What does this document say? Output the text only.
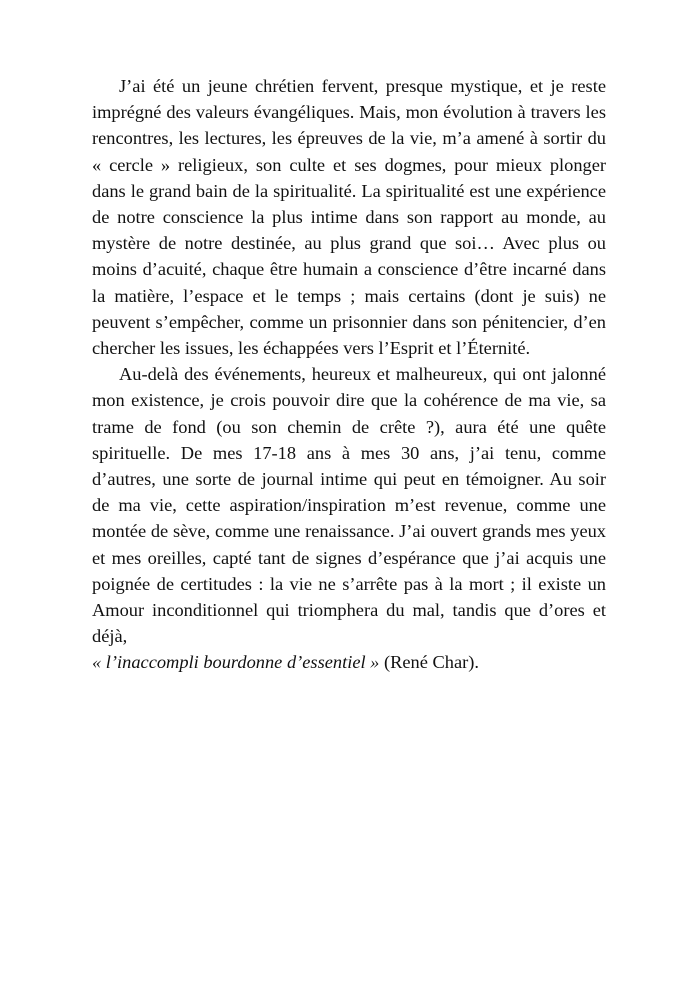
J’ai été un jeune chrétien fervent, presque mystique, et je reste imprégné des valeurs évangéliques. Mais, mon évolution à travers les rencontres, les lectures, les épreuves de la vie, m’a amené à sortir du « cercle » religieux, son culte et ses dogmes, pour mieux plonger dans le grand bain de la spiritualité. La spiritualité est une expérience de notre conscience la plus intime dans son rapport au monde, au mystère de notre destinée, au plus grand que soi… Avec plus ou moins d’acuité, chaque être humain a conscience d’être incarné dans la matière, l’espace et le temps ; mais certains (dont je suis) ne peuvent s’empêcher, comme un prisonnier dans son pénitencier, d’en chercher les issues, les échappées vers l’Esprit et l’Éternité.

Au-delà des événements, heureux et malheureux, qui ont jalonné mon existence, je crois pouvoir dire que la cohérence de ma vie, sa trame de fond (ou son chemin de crête ?), aura été une quête spirituelle. De mes 17-18 ans à mes 30 ans, j’ai tenu, comme d’autres, une sorte de journal intime qui peut en témoigner. Au soir de ma vie, cette aspiration/inspiration m’est revenue, comme une montée de sève, comme une renaissance. J’ai ouvert grands mes yeux et mes oreilles, capté tant de signes d’espérance que j’ai acquis une poignée de certitudes : la vie ne s’arrête pas à la mort ; il existe un Amour inconditionnel qui triomphera du mal, tandis que d’ores et déjà,
« l’inaccompli bourdonne d’essentiel » (René Char).
